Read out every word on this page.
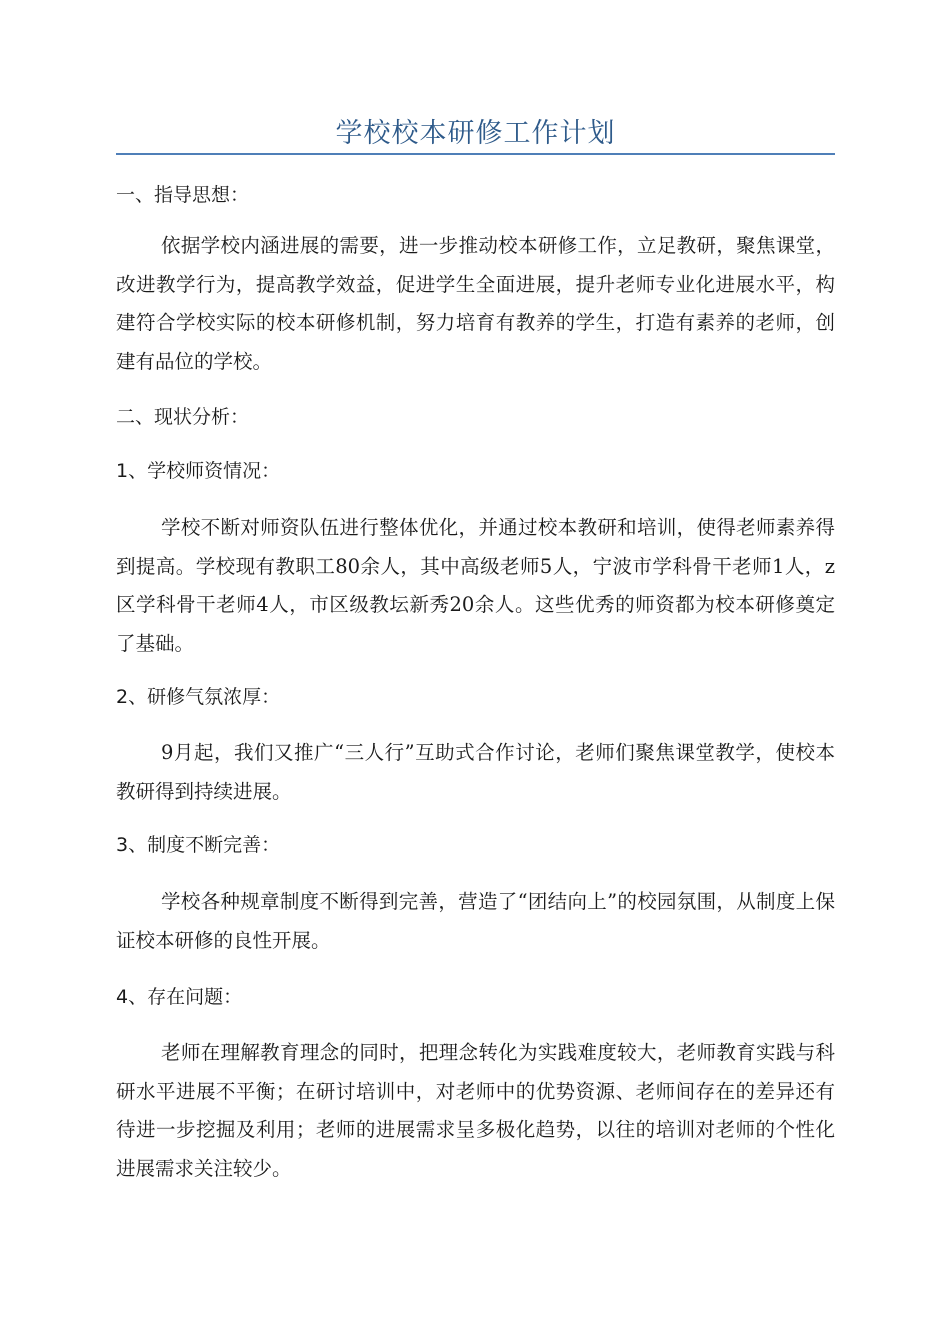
学校校本研修工作计划
一、指导思想：

依据学校内涵进展的需要，进一步推动校本研修工作，立足教研，聚焦课堂，改进教学行为，提高教学效益，促进学生全面进展，提升老师专业化进展水平，构建符合学校实际的校本研修机制，努力培育有教养的学生，打造有素养的老师，创建有品位的学校。

二、现状分析：
1、学校师资情况：

学校不断对师资队伍进行整体优化，并通过校本教研和培训，使得老师素养得到提高。学校现有教职工80余人，其中高级老师5人，宁波市学科骨干老师1人，z区学科骨干老师4人，市区级教坛新秀20余人。这些优秀的师资都为校本研修奠定了基础。

2、研修气氛浓厚：

9月起，我们又推广“三人行”互助式合作讨论，老师们聚焦课堂教学，使校本教研得到持续进展。

3、制度不断完善：

学校各种规章制度不断得到完善，营造了“团结向上”的校园氛围，从制度上保证校本研修的良性开展。

4、存在问题：

老师在理解教育理念的同时，把理念转化为实践难度较大，老师教育实践与科研水平进展不平衡；在研讨培训中，对老师中的优势资源、老师间存在的差异还有待进一步挖掘及利用；老师的进展需求呈多极化趋势，以往的培训对老师的个性化进展需求关注较少。
